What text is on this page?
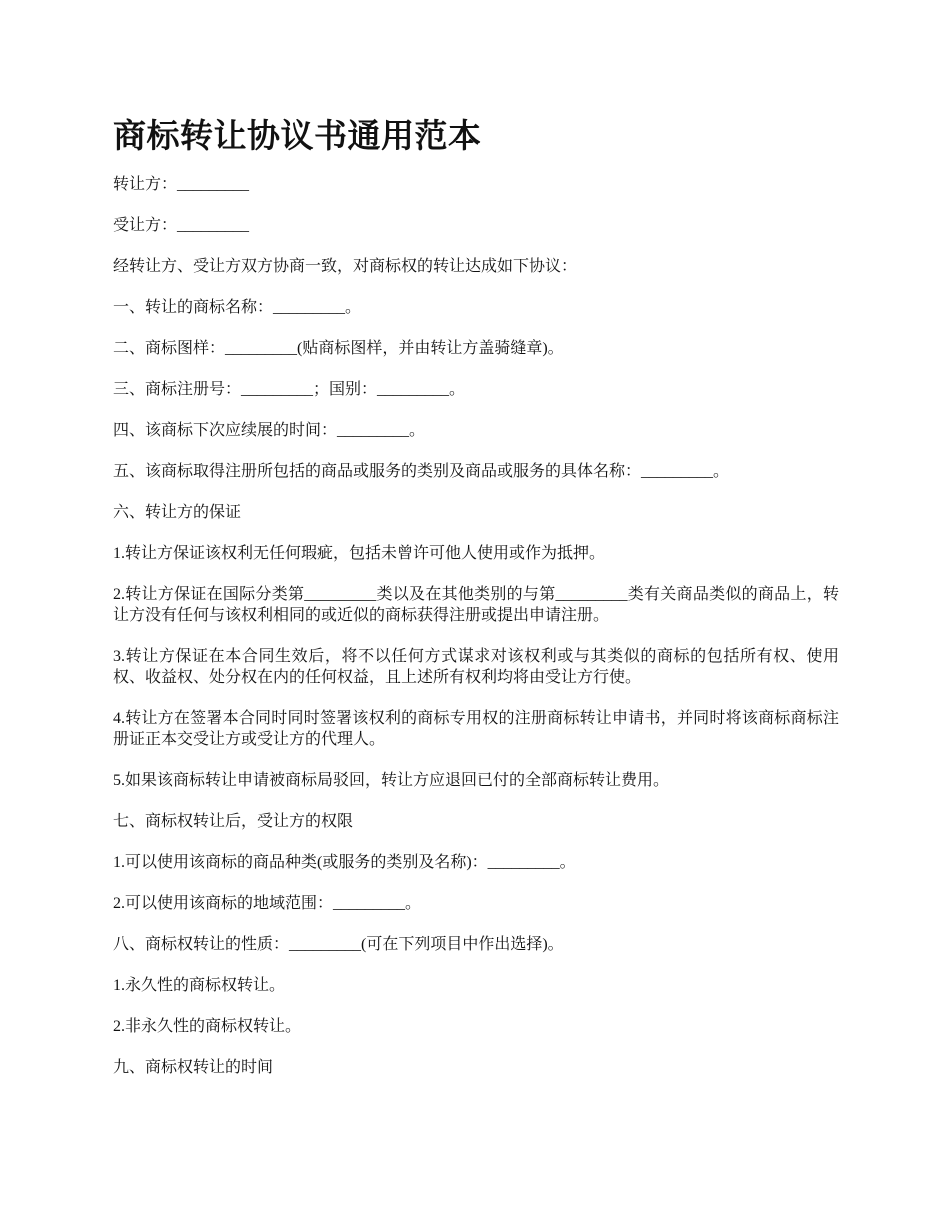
商标转让协议书通用范本

转让方：_________

受让方：_________

经转让方、受让方双方协商一致，对商标权的转让达成如下协议：

一、转让的商标名称：_________。

二、商标图样：_________(贴商标图样，并由转让方盖骑缝章)。

三、商标注册号：_________；国别：_________。

四、该商标下次应续展的时间：_________。

五、该商标取得注册所包括的商品或服务的类别及商品或服务的具体名称：_________。

六、转让方的保证

1.转让方保证该权利无任何瑕疵，包括未曾许可他人使用或作为抵押。

2.转让方保证在国际分类第_________类以及在其他类别的与第_________类有关商品类似的商品上，转让方没有任何与该权利相同的或近似的商标获得注册或提出申请注册。

3.转让方保证在本合同生效后，将不以任何方式谋求对该权利或与其类似的商标的包括所有权、使用权、收益权、处分权在内的任何权益，且上述所有权利均将由受让方行使。

4.转让方在签署本合同时同时签署该权利的商标专用权的注册商标转让申请书，并同时将该商标商标注册证正本交受让方或受让方的代理人。

5.如果该商标转让申请被商标局驳回，转让方应退回已付的全部商标转让费用。

七、商标权转让后，受让方的权限

1.可以使用该商标的商品种类(或服务的类别及名称)：_________。

2.可以使用该商标的地域范围：_________。

八、商标权转让的性质：_________(可在下列项目中作出选择)。

1.永久性的商标权转让。

2.非永久性的商标权转让。

九、商标权转让的时间
